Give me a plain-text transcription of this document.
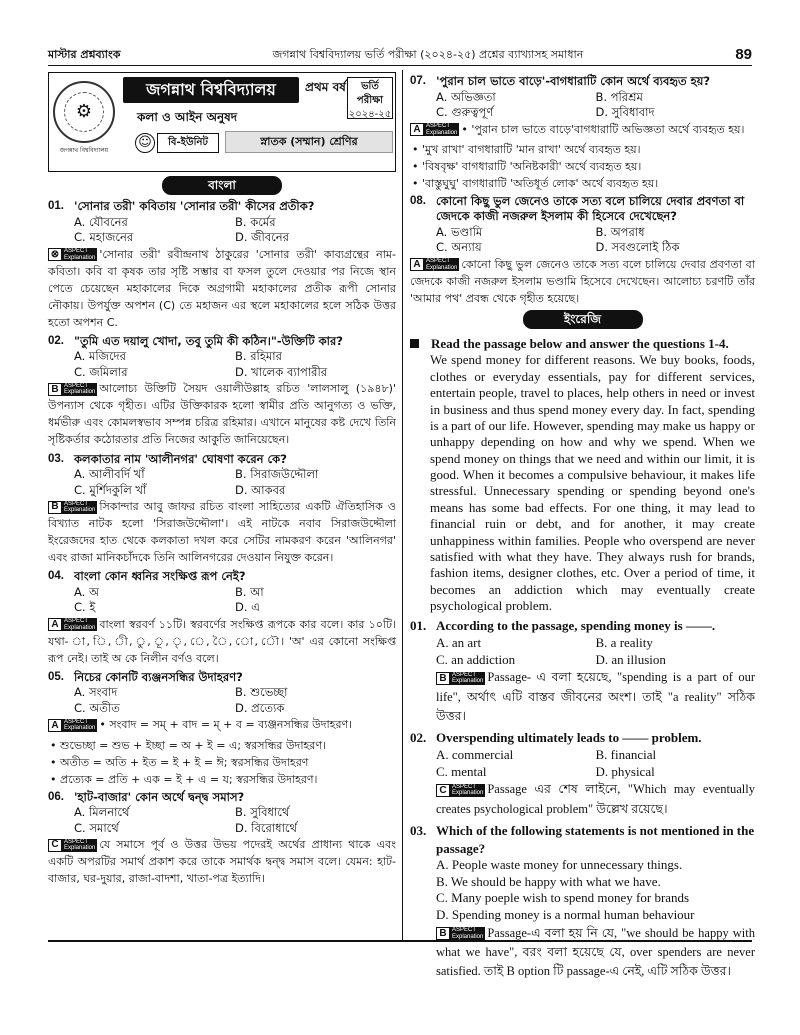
মাস্টার প্রশ্নব্যাংক	জগন্নাথ বিশ্ববিদ্যালয় ভর্তি পরীক্ষা (২০২৪-২৫) প্রশ্নের ব্যাখ্যাসহ সমাধান	89
⚙
জগন্নাথ বিশ্ববিদ্যালয়
জগন্নাথ বিশ্ববিদ্যালয়	প্রথম বর্ষ	ভর্তি পরীক্ষা
২০২৪-২৫
কলা ও আইন অনুষদ
☺	বি-ইউনিট	স্নাতক (সম্মান) শ্রেণির
বাংলা
01. 'সোনার তরী' কবিতায় 'সোনার তরী' কীসের প্রতীক?
A. যৌবনের	B. কর্মের
C. মহাজনের	D. জীবনের
⊗ ASPECT
Explanation 'সোনার তরী' রবীন্দ্রনাথ ঠাকুরের 'সোনার তরী' কাব্যগ্রন্থের নাম- কবিতা। কবি বা কৃষক তার সৃষ্টি সম্ভার বা ফসল তুলে দেওয়ার পর নিজে স্থান পেতে চেয়েছেন মহাকালের দিকে অগ্রগামী মহাকালের প্রতীক রূপী সোনার নৌকায়। উপর্যুক্ত অপশন (C) তে মহাজন এর স্থলে মহাকালের হলে সঠিক উত্তর হতো অপশন C.
02. "তুমি এত দয়ালু খোদা, তবু তুমি কী কঠিন।"-উক্তিটি কার?
A. মজিদের	B. রহিমার
C. জমিলার	D. খালেক ব্যাপারীর
B ASPECT
Explanation আলোচ্য উক্তিটি সৈয়দ ওয়ালীউল্লাহ রচিত 'লালসালু (১৯৪৮)' উপন্যাস থেকে গৃহীত। এটির উক্তিকারক হলো স্বামীর প্রতি আনুগত্য ও ভক্তি, ধর্মভীরু এবং কোমলস্বভাব সম্পন্ন চরিত্র রহিমার। এখানে মানুষের কষ্ট দেখে তিনি সৃষ্টিকর্তার কঠোরতার প্রতি নিজের আকুতি জানিয়েছেন।
03. কলকাতার নাম 'আলীনগর' ঘোষণা করেন কে?
A. আলীবর্দি খাঁ	B. সিরাজউদ্দৌলা
C. মুর্শিদকুলি খাঁ	D. আকবর
B ASPECT
Explanation সিকান্দার আবু জাফর রচিত বাংলা সাহিত্যের একটি ঐতিহাসিক ও বিখ্যাত নাটক হলো 'সিরাজউদ্দৌলা'। এই নাটকে নবাব সিরাজউদ্দৌলা ইংরেজদের হাত থেকে কলকাতা দখল করে সেটির নামকরণ করেন 'আলিনগর' এবং রাজা মানিকচাঁদকে তিনি আলিনগরের দেওয়ান নিযুক্ত করেন।
04. বাংলা কোন ধ্বনির সংক্ষিপ্ত রূপ নেই?
A. অ	B. আ
C. ই	D. এ
A ASPECT
Explanation বাংলা স্বরবর্ণ ১১টি। স্বরবর্ণের সংক্ষিপ্ত রূপকে কার বলে। কার ১০টি। যথা- া, ি, ী, ু, ূ, ৃ, ে, ৈ, ো, ৌ। 'অ' এর কোনো সংক্ষিপ্ত রূপ নেই। তাই অ কে নিলীন বর্ণও বলে।
05. নিচের কোনটি ব্যঞ্জনসন্ধির উদাহরণ?
A. সংবাদ	B. শুভেচ্ছা
C. অতীত	D. প্রত্যেক
A ASPECT
Explanation • সংবাদ = সম্ + বাদ = ম্ + ব = ব্যঞ্জনসন্ধির উদাহরণ।
• শুভেচ্ছা = শুভ + ইচ্ছা = অ + ই = এ; স্বরসন্ধির উদাহরণ।
• অতীত = অতি + ইত = ই + ই = ঈ; স্বরসন্ধির উদাহরণ
• প্রত্যেক = প্রতি + এক = ই + এ = য; স্বরসন্ধির উদাহরণ।
06. 'হাট-বাজার' কোন অর্থে দ্বন্দ্ব সমাস?
A. মিলনার্থে	B. সুবিধার্থে
C. সমার্থে	D. বিরোধার্থে
C ASPECT
Explanation যে সমাসে পূর্ব ও উত্তর উভয় পদেরই অর্থের প্রাধান্য থাকে এবং একটি অপরটির সমার্থ প্রকাশ করে তাকে সমার্থক দ্বন্দ্ব সমাস বলে। যেমন: হাট-বাজার, ঘর-দুয়ার, রাজা-বাদশা, খাতা-পত্র ইত্যাদি।
07. 'পুরান চাল ভাতে বাড়ে'-বাগধারাটি কোন অর্থে ব্যবহৃত হয়?
A. অভিজ্ঞতা	B. পরিশ্রম
C. গুরুত্বপূর্ণ	D. সুবিধাবাদ
A ASPECT
Explanation • 'পুরান চাল ভাতে বাড়ে'বাগধারাটি অভিজ্ঞতা অর্থে ব্যবহৃত হয়।
• 'মুখ রাখা' বাগধারাটি 'মান রাখা' অর্থে ব্যবহৃত হয়।
• 'বিষবৃক্ষ' বাগধারাটি 'অনিষ্টকারী' অর্থে ব্যবহৃত হয়।
• 'বাস্তুঘুঘু' বাগধারাটি 'অতিধূর্ত লোক' অর্থে ব্যবহৃত হয়।
08. কোনো কিছু ভুল জেনেও তাকে সত্য বলে চালিয়ে দেবার প্রবণতা বা জেদকে কাজী নজরুল ইসলাম কী হিসেবে দেখেছেন?
A. ভণ্ডামি	B. অপরাধ
C. অন্যায়	D. সবগুলোই ঠিক
A ASPECT
Explanation কোনো কিছু ভুল জেনেও তাকে সত্য বলে চালিয়ে দেবার প্রবণতা বা জেদকে কাজী নজরুল ইসলাম ভণ্ডামি হিসেবে দেখেছেন। আলোচ্য চরণটি তাঁর 'আমার পথ' প্রবন্ধ থেকে গৃহীত হয়েছে।
ইংরেজি
Read the passage below and answer the questions 1-4.
We spend money for different reasons. We buy books, foods, clothes or everyday essentials, pay for different services, entertain people, travel to places, help others in need or invest in business and thus spend money every day. In fact, spending is a part of our life. However, spending may make us happy or unhappy depending on how and why we spend. When we spend money on things that we need and within our limit, it is good. When it becomes a compulsive behaviour, it makes life stressful. Unnecessary spending or spending beyond one's means has some bad effects. For one thing, it may lead to financial ruin or debt, and for another, it may create unhappiness within families. People who overspend are never satisfied with what they have. They always rush for brands, fashion items, designer clothes, etc. Over a period of time, it becomes an addiction which may eventually create psychological problem.
01. According to the passage, spending money is ——.
A. an art	B. a reality
C. an addiction	D. an illusion
B ASPECT
Explanation Passage- এ বলা হয়েছে, "spending is a part of our life", অর্থাৎ এটি বাস্তব জীবনের অংশ। তাই "a reality" সঠিক উত্তর।
02. Overspending ultimately leads to —— problem.
A. commercial	B. financial
C. mental	D. physical
C ASPECT
Explanation Passage এর শেষ লাইনে, "Which may eventually creates psychological problem" উল্লেখ রয়েছে।
03. Which of the following statements is not mentioned in the passage?
A. People waste money for unnecessary things.
B. We should be happy with what we have.
C. Many poeple wish to spend money for brands
D. Spending money is a normal human behaviour
B ASPECT
Explanation Passage-এ বলা হয় নি যে, "we should be happy with what we have", বরং বলা হয়েছে যে, over spenders are never satisfied. তাই B option টি passage-এ নেই, এটি সঠিক উত্তর।
